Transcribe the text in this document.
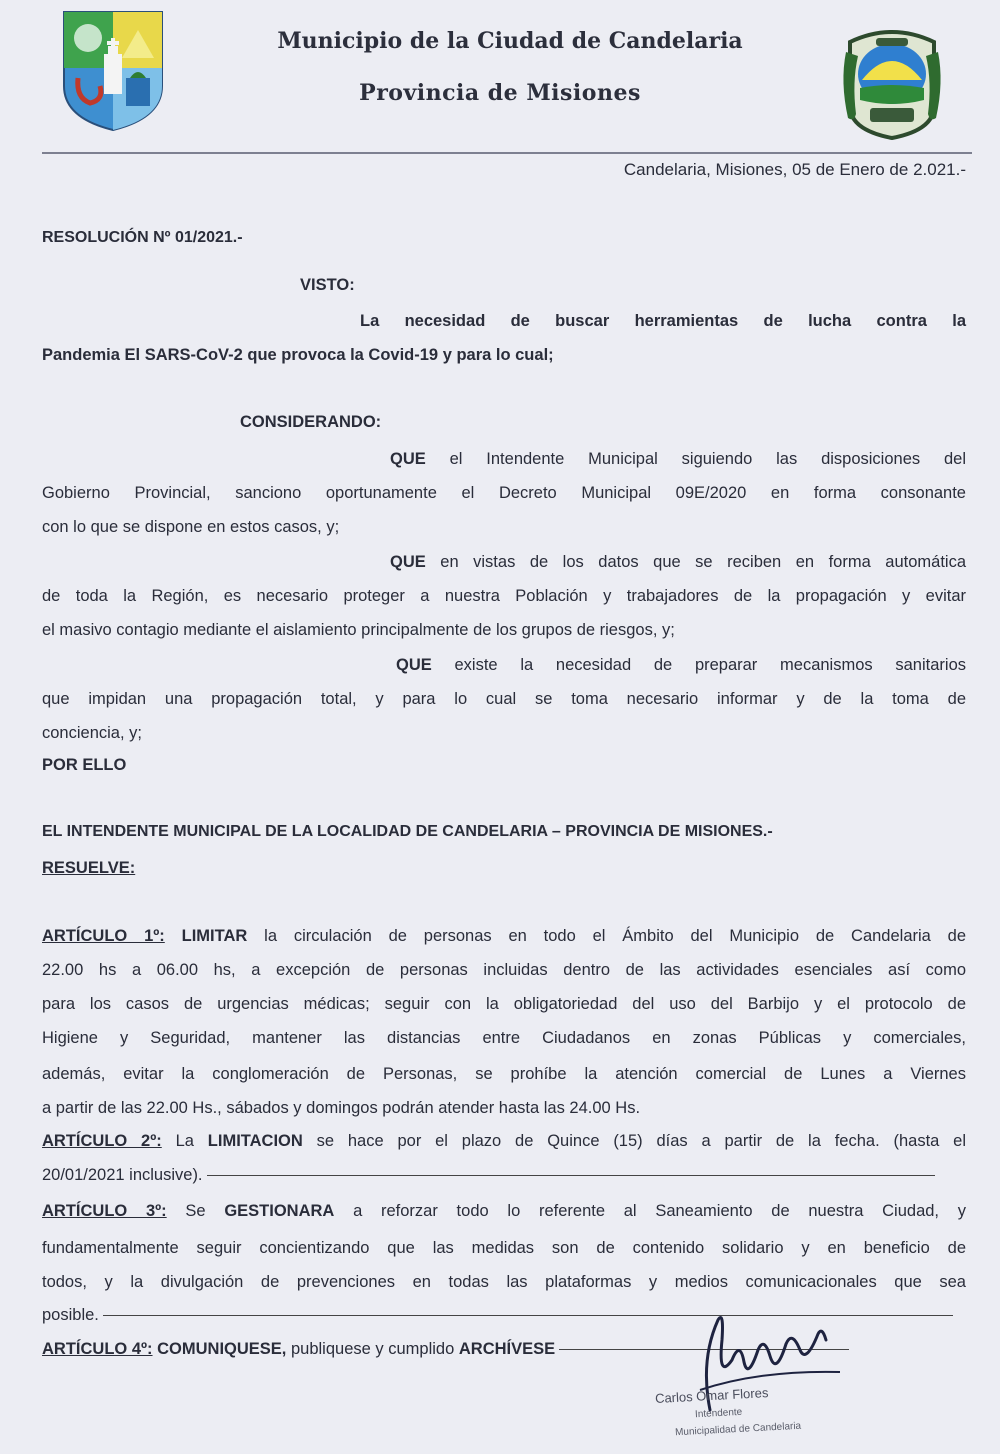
Municipio de la Ciudad de Candelaria
Provincia de Misiones
Candelaria, Misiones, 05 de Enero de 2.021.-
RESOLUCIÓN Nº 01/2021.-
VISTO:
La necesidad de buscar herramientas de lucha contra la
Pandemia El SARS-CoV-2 que provoca la Covid-19 y para lo cual;
CONSIDERANDO:
QUE el Intendente Municipal siguiendo las disposiciones del
Gobierno Provincial, sanciono oportunamente el Decreto Municipal 09E/2020 en forma consonante
con lo que se dispone en estos casos, y;
QUE en vistas de los datos que se reciben en forma automática
de toda la Región, es necesario proteger a nuestra Población y trabajadores de la propagación y evitar
el masivo contagio mediante el aislamiento principalmente de los grupos de riesgos, y;
QUE existe la necesidad de preparar mecanismos sanitarios
que impidan una propagación total, y para lo cual se toma necesario informar y de la toma de
conciencia, y;
POR ELLO
EL INTENDENTE MUNICIPAL DE LA LOCALIDAD DE CANDELARIA – PROVINCIA DE MISIONES.-
RESUELVE:
ARTÍCULO 1º: LIMITAR la circulación de personas en todo el Ámbito del Municipio de Candelaria de
22.00 hs a 06.00 hs, a excepción de personas incluidas dentro de las actividades esenciales así como
para los casos de urgencias médicas; seguir con la obligatoriedad del uso del Barbijo y el protocolo de
Higiene y Seguridad, mantener las distancias entre Ciudadanos en zonas Públicas y comerciales,
además, evitar la conglomeración de Personas, se prohíbe la atención comercial de Lunes a Viernes
a partir de las 22.00 Hs., sábados y domingos podrán atender hasta las 24.00 Hs.
ARTÍCULO 2º: La LIMITACION se hace por el plazo de Quince (15) días a partir de la fecha. (hasta el
20/01/2021 inclusive).
ARTÍCULO 3º: Se GESTIONARA a reforzar todo lo referente al Saneamiento de nuestra Ciudad, y
fundamentalmente seguir concientizando que las medidas son de contenido solidario y en beneficio de
todos, y la divulgación de prevenciones en todas las plataformas y medios comunicacionales que sea
posible.
ARTÍCULO 4º: COMUNIQUESE, publiquese y cumplido ARCHÍVESE
Carlos Omar Flores
Intendente
Municipalidad de Candelaria
